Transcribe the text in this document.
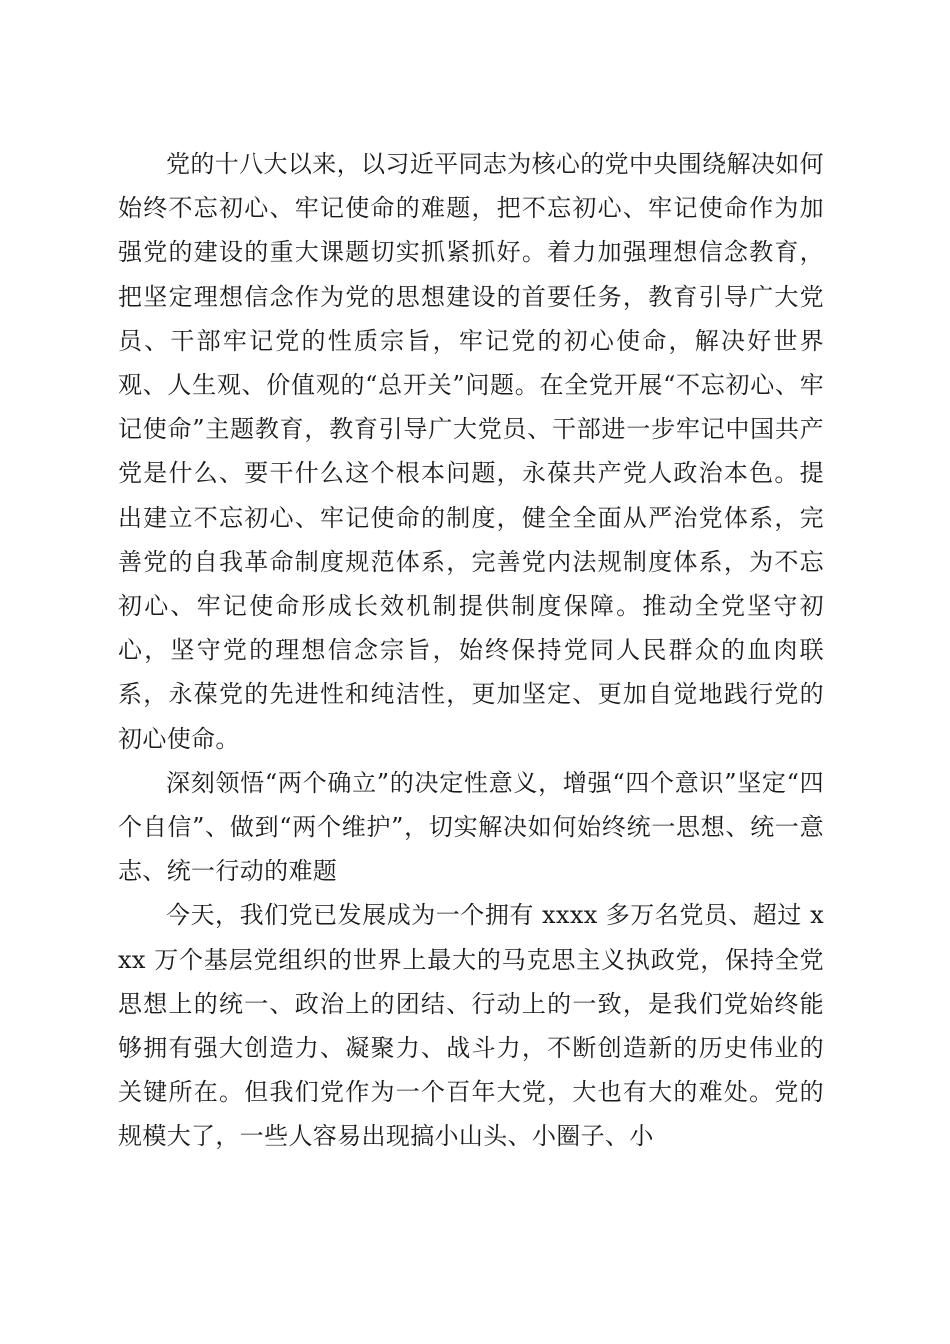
党的十八大以来，以习近平同志为核心的党中央围绕解决如何始终不忘初心、牢记使命的难题，把不忘初心、牢记使命作为加强党的建设的重大课题切实抓紧抓好。着力加强理想信念教育，把坚定理想信念作为党的思想建设的首要任务，教育引导广大党员、干部牢记党的性质宗旨，牢记党的初心使命，解决好世界观、人生观、价值观的“总开关”问题。在全党开展“不忘初心、牢记使命”主题教育，教育引导广大党员、干部进一步牢记中国共产党是什么、要干什么这个根本问题，永葆共产党人政治本色。提出建立不忘初心、牢记使命的制度，健全全面从严治党体系，完善党的自我革命制度规范体系，完善党内法规制度体系，为不忘初心、牢记使命形成长效机制提供制度保障。推动全党坚守初心，坚守党的理想信念宗旨，始终保持党同人民群众的血肉联系，永葆党的先进性和纯洁性，更加坚定、更加自觉地践行党的初心使命。

深刻领悟“两个确立”的决定性意义，增强“四个意识”坚定“四个自信”、做到“两个维护”，切实解决如何始终统一思想、统一意志、统一行动的难题

今天，我们党已发展成为一个拥有 xxxx 多万名党员、超过 xxx 万个基层党组织的世界上最大的马克思主义执政党，保持全党思想上的统一、政治上的团结、行动上的一致，是我们党始终能够拥有强大创造力、凝聚力、战斗力，不断创造新的历史伟业的关键所在。但我们党作为一个百年大党，大也有大的难处。党的规模大了，一些人容易出现搞小山头、小圈子、小
